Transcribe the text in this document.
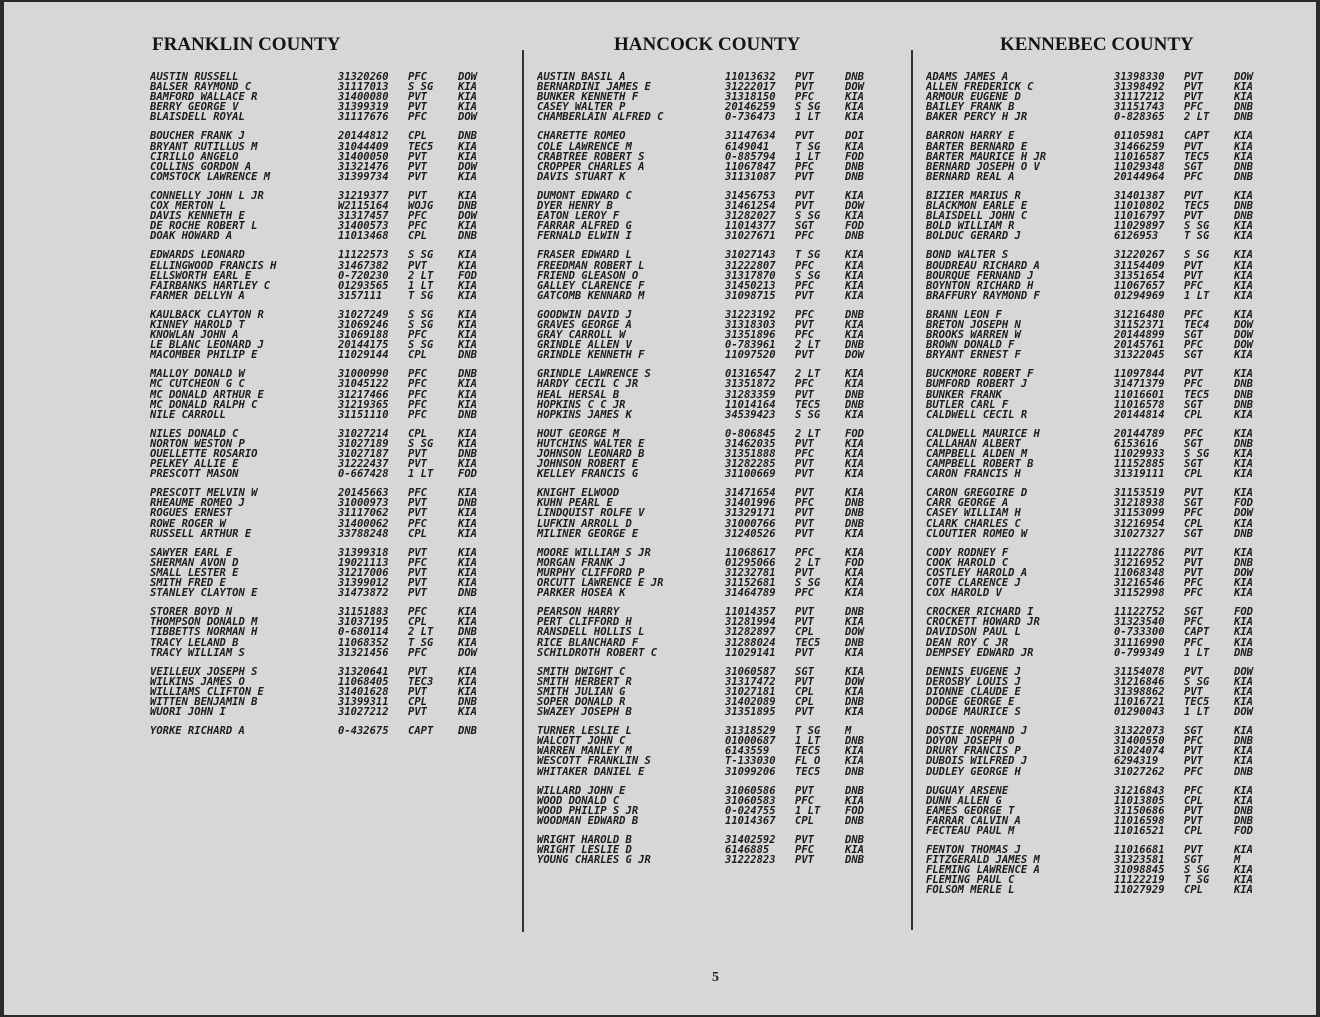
FRANKLIN COUNTY
AUSTIN RUSSELL	31320260	PFC	DOW
BALSER RAYMOND C	31117013	S SG	KIA
BAMFORD WALLACE R	31400080	PVT	KIA
BERRY GEORGE V	31399319	PVT	KIA
BLAISDELL ROYAL	31117676	PFC	DOW
BOUCHER FRANK J	20144812	CPL	DNB
BRYANT RUTILLUS M	31044409	TEC5	KIA
CIRILLO ANGELO	31400050	PVT	KIA
COLLINS GORDON A	31321476	PVT	DOW
COMSTOCK LAWRENCE M	31399734	PVT	KIA
CONNELLY JOHN L JR	31219377	PVT	KIA
COX MERTON L	W2115164	WOJG	DNB
DAVIS KENNETH E	31317457	PFC	DOW
DE ROCHE ROBERT L	31400573	PFC	KIA
DOAK HOWARD A	11013468	CPL	DNB
EDWARDS LEONARD	11122573	S SG	KIA
ELLINGWOOD FRANCIS H	31467382	PVT	KIA
ELLSWORTH EARL E	0-720230	2 LT	FOD
FAIRBANKS HARTLEY C	01293565	1 LT	KIA
FARMER DELLYN A	3157111	T SG	KIA
KAULBACK CLAYTON R	31027249	S SG	KIA
KINNEY HAROLD T	31069246	S SG	KIA
KNOWLAN JOHN A	31069188	PFC	KIA
LE BLANC LEONARD J	20144175	S SG	KIA
MACOMBER PHILIP E	11029144	CPL	DNB
MALLOY DONALD W	31000990	PFC	DNB
MC CUTCHEON G C	31045122	PFC	KIA
MC DONALD ARTHUR E	31217466	PFC	KIA
MC DONALD RALPH C	31219365	PFC	KIA
NILE CARROLL	31151110	PFC	DNB
NILES DONALD C	31027214	CPL	KIA
NORTON WESTON P	31027189	S SG	KIA
OUELLETTE ROSARIO	31027187	PVT	DNB
PELKEY ALLIE E	31222437	PVT	KIA
PRESCOTT MASON	0-667428	1 LT	FOD
PRESCOTT MELVIN W	20145663	PFC	KIA
RHEAUME ROMEO J	31000973	PVT	DNB
ROGUES ERNEST	31117062	PVT	KIA
ROWE ROGER W	31400062	PFC	KIA
RUSSELL ARTHUR E	33788248	CPL	KIA
SAWYER EARL E	31399318	PVT	KIA
SHERMAN AVON D	19021113	PFC	KIA
SMALL LESTER E	31217006	PVT	KIA
SMITH FRED E	31399012	PVT	KIA
STANLEY CLAYTON E	31473872	PVT	DNB
STORER BOYD N	31151883	PFC	KIA
THOMPSON DONALD M	31037195	CPL	KIA
TIBBETTS NORMAN H	0-680114	2 LT	DNB
TRACY LELAND B	11068352	T SG	KIA
TRACY WILLIAM S	31321456	PFC	DOW
VEILLEUX JOSEPH S	31320641	PVT	KIA
WILKINS JAMES O	11068405	TEC3	KIA
WILLIAMS CLIFTON E	31401628	PVT	KIA
WITTEN BENJAMIN B	31399311	CPL	DNB
WUORI JOHN I	31027212	PVT	KIA
YORKE RICHARD A	0-432675	CAPT	DNB
HANCOCK COUNTY
AUSTIN BASIL A	11013632	PVT	DNB
BERNARDINI JAMES E	31222017	PVT	DOW
BUNKER KENNETH F	31318150	PFC	KIA
CASEY WALTER P	20146259	S SG	KIA
CHAMBERLAIN ALFRED C	0-736473	1 LT	KIA
CHARETTE ROMEO	31147634	PVT	DOI
COLE LAWRENCE M	6149041	T SG	KIA
CRABTREE ROBERT S	0-885794	1 LT	FOD
CROPPER CHARLES A	11067847	PFC	DNB
DAVIS STUART K	31131087	PVT	DNB
DUMONT EDWARD C	31456753	PVT	KIA
DYER HENRY B	31461254	PVT	DOW
EATON LEROY F	31282027	S SG	KIA
FARRAR ALFRED G	11014377	SGT	FOD
FERNALD ELWIN I	31027671	PFC	DNB
FRASER EDWARD L	31027143	T SG	KIA
FREEDMAN ROBERT L	31222807	PFC	KIA
FRIEND GLEASON O	31317870	S SG	KIA
GALLEY CLARENCE F	31450213	PFC	KIA
GATCOMB KENNARD M	31098715	PVT	KIA
GOODWIN DAVID J	31223192	PFC	DNB
GRAVES GEORGE A	31318303	PVT	KIA
GRAY CARROLL W	31351896	PFC	KIA
GRINDLE ALLEN V	0-783961	2 LT	DNB
GRINDLE KENNETH F	11097520	PVT	DOW
GRINDLE LAWRENCE S	01316547	2 LT	KIA
HARDY CECIL C JR	31351872	PFC	KIA
HEAL HERSAL B	31283359	PVT	DNB
HOPKINS C C JR	11014164	TEC5	DNB
HOPKINS JAMES K	34539423	S SG	KIA
HOUT GEORGE M	0-806845	2 LT	FOD
HUTCHINS WALTER E	31462035	PVT	KIA
JOHNSON LEONARD B	31351888	PFC	KIA
JOHNSON ROBERT E	31282285	PVT	KIA
KELLEY FRANCIS G	31100669	PVT	KIA
KNIGHT ELWOOD	31471654	PVT	KIA
KUHN PEARL E	31401996	PFC	DNB
LINDQUIST ROLFE V	31329171	PVT	DNB
LUFKIN ARROLL D	31000766	PVT	DNB
MILINER GEORGE E	31240526	PVT	KIA
MOORE WILLIAM S JR	11068617	PFC	KIA
MORGAN FRANK J	01295066	2 LT	FOD
MURPHY CLIFFORD P	31232781	PVT	KIA
ORCUTT LAWRENCE E JR	31152681	S SG	KIA
PARKER HOSEA K	31464789	PFC	KIA
PEARSON HARRY	11014357	PVT	DNB
PERT CLIFFORD H	31281994	PVT	KIA
RANSDELL HOLLIS L	31282897	CPL	DOW
RICE BLANCHARD F	31288024	TEC5	DNB
SCHILDROTH ROBERT C	11029141	PVT	KIA
SMITH DWIGHT C	31060587	SGT	KIA
SMITH HERBERT R	31317472	PVT	DOW
SMITH JULIAN G	31027181	CPL	KIA
SOPER DONALD R	31402089	CPL	DNB
SWAZEY JOSEPH B	31351895	PVT	KIA
TURNER LESLIE L	31318529	T SG	M
WALCOTT JOHN C	01000687	1 LT	DNB
WARREN MANLEY M	6143559	TEC5	KIA
WESCOTT FRANKLIN S	T-133030	FL O	KIA
WHITAKER DANIEL E	31099206	TEC5	DNB
WILLARD JOHN E	31060586	PVT	DNB
WOOD DONALD C	31060583	PFC	KIA
WOOD PHILIP S JR	0-024755	1 LT	FOD
WOODMAN EDWARD B	11014367	CPL	DNB
WRIGHT HAROLD B	31402592	PVT	DNB
WRIGHT LESLIE D	6146885	PFC	KIA
YOUNG CHARLES G JR	31222823	PVT	DNB
KENNEBEC COUNTY
ADAMS JAMES A	31398330	PVT	DOW
ALLEN FREDERICK C	31398492	PVT	KIA
ARMOUR EUGENE D	31117212	PVT	KIA
BAILEY FRANK B	31151743	PFC	DNB
BAKER PERCY H JR	0-828365	2 LT	DNB
BARRON HARRY E	01105981	CAPT	KIA
BARTER BERNARD E	31466259	PVT	KIA
BARTER MAURICE H JR	11016587	TEC5	KIA
BERNARD JOSEPH O V	11029348	SGT	DNB
BERNARD REAL A	20144964	PFC	DNB
BIZIER MARIUS R	31401387	PVT	KIA
BLACKMON EARLE E	11010802	TEC5	DNB
BLAISDELL JOHN C	11016797	PVT	DNB
BOLD WILLIAM R	11029897	S SG	KIA
BOLDUC GERARD J	6126953	T SG	KIA
BOND WALTER S	31220267	S SG	KIA
BOUDREAU RICHARD A	31154409	PVT	KIA
BOURQUE FERNAND J	31351654	PVT	KIA
BOYNTON RICHARD H	11067657	PFC	KIA
BRAFFURY RAYMOND F	01294969	1 LT	KIA
BRANN LEON F	31216480	PFC	KIA
BRETON JOSEPH N	31152371	TEC4	DOW
BROOKS WARREN W	20144899	SGT	DOW
BROWN DONALD F	20145761	PFC	DOW
BRYANT ERNEST F	31322045	SGT	KIA
BUCKMORE ROBERT F	11097844	PVT	KIA
BUMFORD ROBERT J	31471379	PFC	DNB
BUNKER FRANK	11016601	TEC5	DNB
BUTLER CARL F	11016578	SGT	DNB
CALDWELL CECIL R	20144814	CPL	KIA
CALDWELL MAURICE H	20144789	PFC	KIA
CALLAHAN ALBERT	6153616	SGT	DNB
CAMPBELL ALDEN M	11029933	S SG	KIA
CAMPBELL ROBERT B	11152885	SGT	KIA
CARON FRANCIS H	31319111	CPL	KIA
CARON GREGOIRE D	31153519	PVT	KIA
CARR GEORGE A	31218938	SGT	FOD
CASEY WILLIAM H	31153099	PFC	DOW
CLARK CHARLES C	31216954	CPL	KIA
CLOUTIER ROMEO W	31027327	SGT	DNB
CODY RODNEY F	11122786	PVT	KIA
COOK HAROLD C	31216952	PVT	DNB
COSTLEY HAROLD A	11068348	PVT	DOW
COTE CLARENCE J	31216546	PFC	KIA
COX HAROLD V	31152998	PFC	KIA
CROCKER RICHARD I	11122752	SGT	FOD
CROCKETT HOWARD JR	31323540	PFC	KIA
DAVIDSON PAUL L	0-733300	CAPT	KIA
DEAN ROY C JR	31116990	PFC	KIA
DEMPSEY EDWARD JR	0-799349	1 LT	DNB
DENNIS EUGENE J	31154078	PVT	DOW
DEROSBY LOUIS J	31216846	S SG	KIA
DIONNE CLAUDE E	31398862	PVT	KIA
DODGE GEORGE E	11016721	TEC5	KIA
DODGE MAURICE S	01290043	1 LT	DOW
DOSTIE NORMAND J	31322073	SGT	KIA
DOYON JOSEPH O	31400550	PFC	DNB
DRURY FRANCIS P	31024074	PVT	KIA
DUBOIS WILFRED J	6294319	PVT	KIA
DUDLEY GEORGE H	31027262	PFC	DNB
DUGUAY ARSENE	31216843	PFC	KIA
DUNN ALLEN G	11013805	CPL	KIA
EAMES GEORGE T	31150686	PVT	DNB
FARRAR CALVIN A	11016598	PVT	DNB
FECTEAU PAUL M	11016521	CPL	FOD
FENTON THOMAS J	11016681	PVT	KIA
FITZGERALD JAMES M	31323581	SGT	M
FLEMING LAWRENCE A	31098845	S SG	KIA
FLEMING PAUL C	11122219	T SG	KIA
FOLSOM MERLE L	11027929	CPL	KIA
5
